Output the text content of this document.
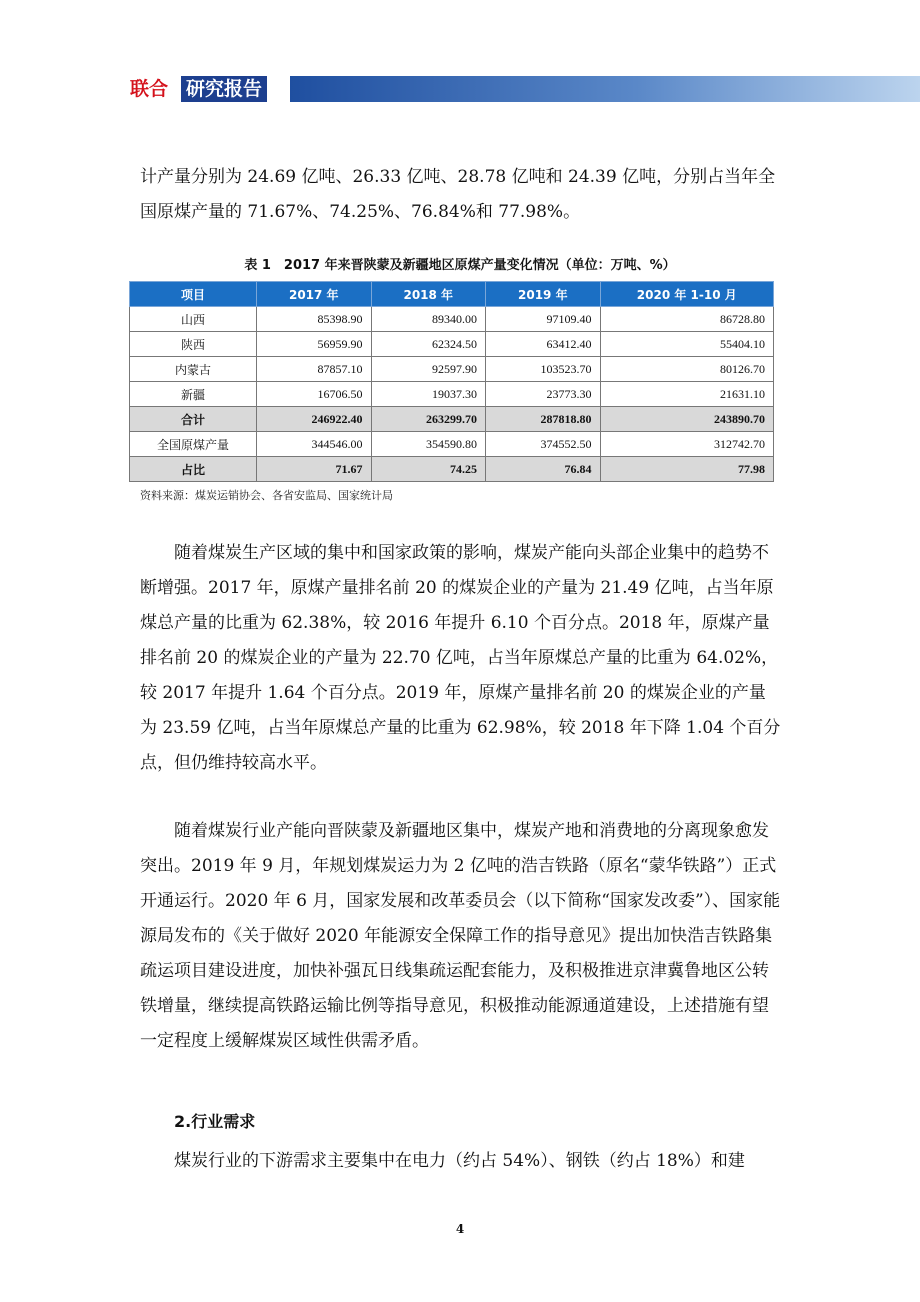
联合 研究报告

计产量分别为 24.69 亿吨、26.33 亿吨、28.78 亿吨和 24.39 亿吨，分别占当年全国原煤产量的 71.67%、74.25%、76.84%和 77.98%。

表 1　2017 年来晋陕蒙及新疆地区原煤产量变化情况（单位：万吨、%）
项目	2017 年	2018 年	2019 年	2020 年 1-10 月
山西	85398.90	89340.00	97109.40	86728.80
陕西	56959.90	62324.50	63412.40	55404.10
内蒙古	87857.10	92597.90	103523.70	80126.70
新疆	16706.50	19037.30	23773.30	21631.10
合计	246922.40	263299.70	287818.80	243890.70
全国原煤产量	344546.00	354590.80	374552.50	312742.70
占比	71.67	74.25	76.84	77.98
资料来源：煤炭运销协会、各省安监局、国家统计局

随着煤炭生产区域的集中和国家政策的影响，煤炭产能向头部企业集中的趋势不断增强。2017 年，原煤产量排名前 20 的煤炭企业的产量为 21.49 亿吨，占当年原煤总产量的比重为 62.38%，较 2016 年提升 6.10 个百分点。2018 年，原煤产量排名前 20 的煤炭企业的产量为 22.70 亿吨，占当年原煤总产量的比重为 64.02%，较 2017 年提升 1.64 个百分点。2019 年，原煤产量排名前 20 的煤炭企业的产量为 23.59 亿吨，占当年原煤总产量的比重为 62.98%，较 2018 年下降 1.04 个百分点，但仍维持较高水平。

随着煤炭行业产能向晋陕蒙及新疆地区集中，煤炭产地和消费地的分离现象愈发突出。2019 年 9 月，年规划煤炭运力为 2 亿吨的浩吉铁路（原名“蒙华铁路”）正式开通运行。2020 年 6 月，国家发展和改革委员会（以下简称“国家发改委”）、国家能源局发布的《关于做好 2020 年能源安全保障工作的指导意见》提出加快浩吉铁路集疏运项目建设进度，加快补强瓦日线集疏运配套能力，及积极推进京津冀鲁地区公转铁增量，继续提高铁路运输比例等指导意见，积极推动能源通道建设，上述措施有望一定程度上缓解煤炭区域性供需矛盾。

2.行业需求

煤炭行业的下游需求主要集中在电力（约占 54%）、钢铁（约占 18%）和建

4
